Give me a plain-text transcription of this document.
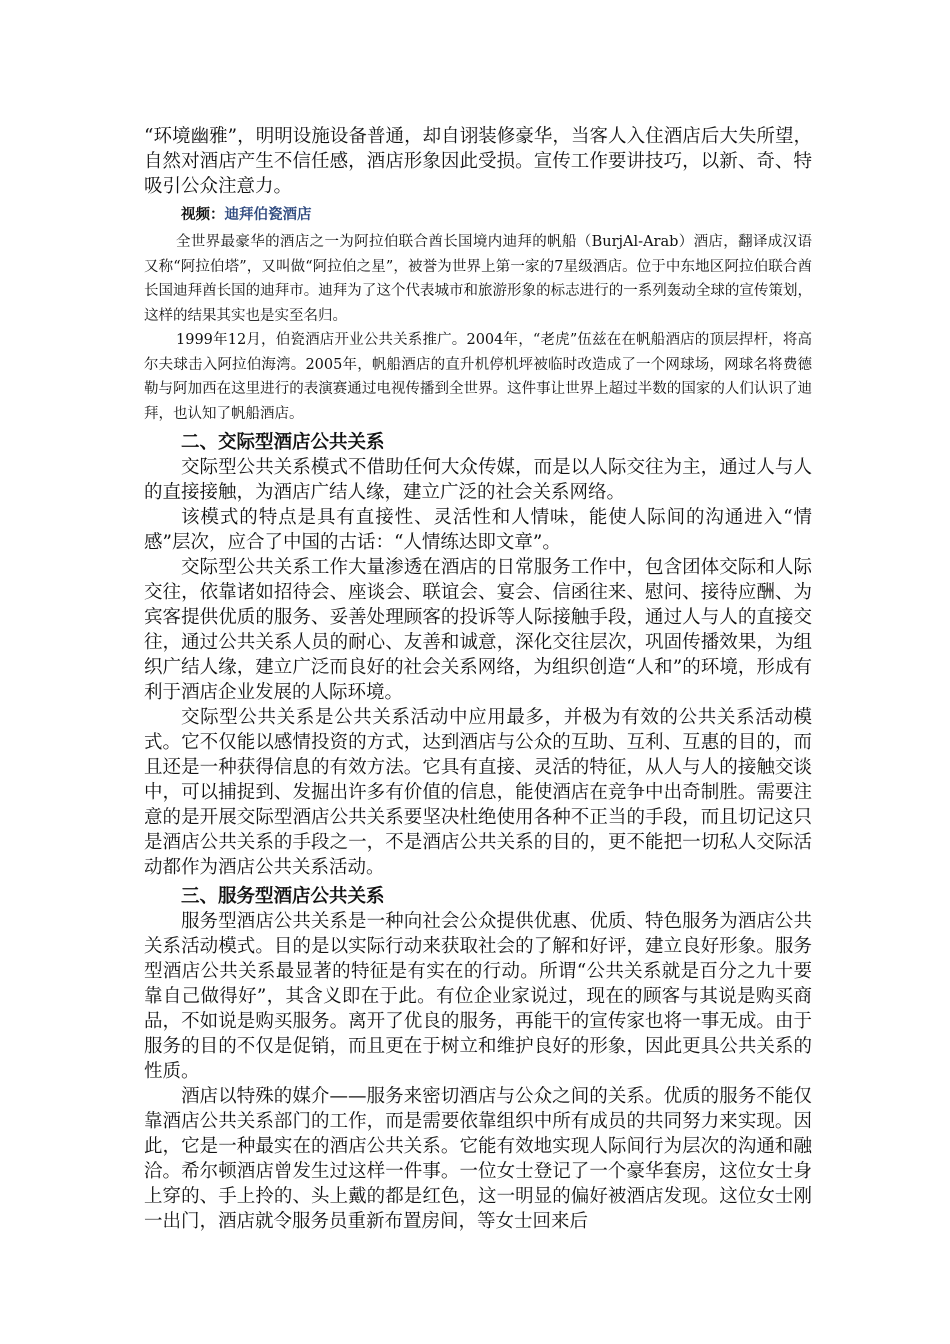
“环境幽雅”，明明设施设备普通，却自诩装修豪华，当客人入住酒店后大失所望，自然对酒店产生不信任感，酒店形象因此受损。宣传工作要讲技巧，以新、奇、特吸引公众注意力。

视频：迪拜伯瓷酒店

全世界最豪华的酒店之一为阿拉伯联合酋长国境内迪拜的帆船（BurjAl-Arab）酒店，翻译成汉语又称“阿拉伯塔”，又叫做“阿拉伯之星”，被誉为世界上第一家的7星级酒店。位于中东地区阿拉伯联合酋长国迪拜酋长国的迪拜市。迪拜为了这个代表城市和旅游形象的标志进行的一系列轰动全球的宣传策划，这样的结果其实也是实至名归。

1999年12月，伯瓷酒店开业公共关系推广。2004年，“老虎”伍兹在在帆船酒店的顶层捍杆，将高尔夫球击入阿拉伯海湾。2005年，帆船酒店的直升机停机坪被临时改造成了一个网球场，网球名将费德勒与阿加西在这里进行的表演赛通过电视传播到全世界。这件事让世界上超过半数的国家的人们认识了迪拜，也认知了帆船酒店。

二、交际型酒店公共关系

交际型公共关系模式不借助任何大众传媒，而是以人际交往为主，通过人与人的直接接触，为酒店广结人缘，建立广泛的社会关系网络。

该模式的特点是具有直接性、灵活性和人情味，能使人际间的沟通进入“情感”层次，应合了中国的古话：“人情练达即文章”。

交际型公共关系工作大量渗透在酒店的日常服务工作中，包含团体交际和人际交往，依靠诸如招待会、座谈会、联谊会、宴会、信函往来、慰问、接待应酬、为宾客提供优质的服务、妥善处理顾客的投诉等人际接触手段，通过人与人的直接交往，通过公共关系人员的耐心、友善和诚意，深化交往层次，巩固传播效果，为组织广结人缘，建立广泛而良好的社会关系网络，为组织创造“人和”的环境，形成有利于酒店企业发展的人际环境。

交际型公共关系是公共关系活动中应用最多，并极为有效的公共关系活动模式。它不仅能以感情投资的方式，达到酒店与公众的互助、互利、互惠的目的，而且还是一种获得信息的有效方法。它具有直接、灵活的特征，从人与人的接触交谈中，可以捕捉到、发掘出许多有价值的信息，能使酒店在竞争中出奇制胜。需要注意的是开展交际型酒店公共关系要坚决杜绝使用各种不正当的手段，而且切记这只是酒店公共关系的手段之一，不是酒店公共关系的目的，更不能把一切私人交际活动都作为酒店公共关系活动。

三、服务型酒店公共关系

服务型酒店公共关系是一种向社会公众提供优惠、优质、特色服务为酒店公共关系活动模式。目的是以实际行动来获取社会的了解和好评，建立良好形象。服务型酒店公共关系最显著的特征是有实在的行动。所谓“公共关系就是百分之九十要靠自己做得好”，其含义即在于此。有位企业家说过，现在的顾客与其说是购买商品，不如说是购买服务。离开了优良的服务，再能干的宣传家也将一事无成。由于服务的目的不仅是促销，而且更在于树立和维护良好的形象，因此更具公共关系的性质。

酒店以特殊的媒介——服务来密切酒店与公众之间的关系。优质的服务不能仅靠酒店公共关系部门的工作，而是需要依靠组织中所有成员的共同努力来实现。因此，它是一种最实在的酒店公共关系。它能有效地实现人际间行为层次的沟通和融洽。希尔顿酒店曾发生过这样一件事。一位女士登记了一个豪华套房，这位女士身上穿的、手上拎的、头上戴的都是红色，这一明显的偏好被酒店发现。这位女士刚一出门，酒店就令服务员重新布置房间，等女士回来后
